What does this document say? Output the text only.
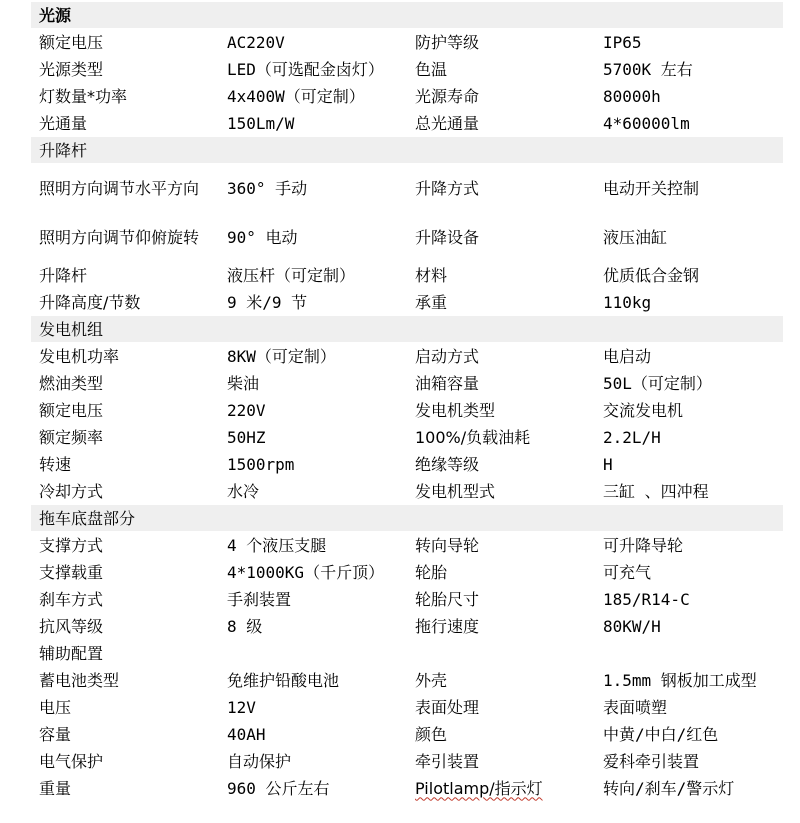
光源			
额定电压	AC220V	防护等级	IP65
光源类型	LED（可选配金卤灯）	色温	5700K 左右
灯数量*功率	4x400W（可定制）	光源寿命	80000h
光通量	150Lm/W	总光通量	4*60000lm
升降杆			
照明方向调节水平方向	360° 手动	升降方式	电动开关控制
照明方向调节仰俯旋转	90° 电动	升降设备	液压油缸
升降杆	液压杆（可定制）	材料	优质低合金钢
升降高度/节数	9 米/9 节	承重	110kg
发电机组			
发电机功率	8KW（可定制）	启动方式	电启动
燃油类型	柴油	油箱容量	50L（可定制）
额定电压	220V	发电机类型	交流发电机
额定频率	50HZ	100%/负载油耗	2.2L/H
转速	1500rpm	绝缘等级	H
冷却方式	水冷	发电机型式	三缸 、四冲程
拖车底盘部分			
支撑方式	4 个液压支腿	转向导轮	可升降导轮
支撑载重	4*1000KG（千斤顶）	轮胎	可充气
刹车方式	手刹装置	轮胎尺寸	185/R14-C
抗风等级	8 级	拖行速度	80KW/H
辅助配置			
蓄电池类型	免维护铅酸电池	外壳	1.5mm 钢板加工成型
电压	12V	表面处理	表面喷塑
容量	40AH	颜色	中黄/中白/红色
电气保护	自动保护	牵引装置	爱科牵引装置
重量	960 公斤左右	Pilotlamp/指示灯	转向/刹车/警示灯
